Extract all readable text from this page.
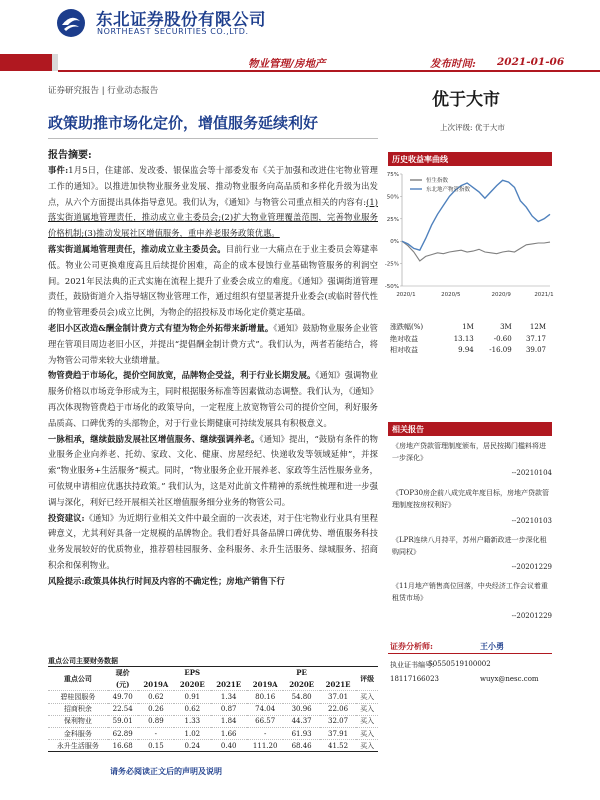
东北证券股份有限公司
NORTHEAST SECURITIES CO.,LTD.
物业管理/房地产	发布时间: 2021-01-06
证券研究报告 | 行业动态报告	优于大市
上次评级: 优于大市
政策助推市场化定价，增值服务延续利好
报告摘要:

事件:1月5日，住建部、发改委、银保监会等十部委发布《关于加强和改进住宅物业管理工作的通知》。以推进加快物业服务业发展、推动物业服务向高品质和多样化升级为出发点，从六个方面提出具体指导意见。我们认为，《通知》与物管公司重点相关的内容有:(1)落实街道属地管理责任，推动成立业主委员会;(2)扩大物业管理覆盖范围，完善物业服务价格机制;(3)推动发展社区增值服务，重申养老服务政策优惠。

落实街道属地管理责任，推动成立业主委员会。目前行业一大痛点在于业主委员会筹建率低。物业公司更换难度高且后续提价困难，高企的成本侵蚀行业基础物管服务的利润空间。2021年民法典的正式实施在流程上提升了业委会成立的难度。《通知》强调街道管理责任，鼓励街道介入指导辖区物业管理工作，通过组织有望显著提升业委会(或临时替代性的物业管理委员会)成立比例，为物企的招投标及市场化定价奠定基础。

老旧小区改造&酬金制计费方式有望为物企外拓带来新增量。《通知》鼓励物业服务企业管理在管项目周边老旧小区，并提出“提倡酬金制计费方式”。我们认为，两者若能结合，将为物管公司带来较大业绩增量。

物管费趋于市场化，提价空间放宽，品牌物企受益，利于行业长期发展。《通知》强调物业服务价格以市场竞争形成为主，同时根据服务标准等因素做动态调整。我们认为，《通知》再次体现物管费趋于市场化的政策导向，一定程度上放宽物管公司的提价空间，利好服务品质高、口碑优秀的头部物企，对于行业长期健康可持续发展具有积极意义。

一脉相承，继续鼓励发展社区增值服务、继续强调养老。《通知》提出，“鼓励有条件的物业服务企业向养老、托幼、家政、文化、健康、房屋经纪、快递收发等领域延伸”，并探索“物业服务+生活服务”模式。同时，“物业服务企业开展养老、家政等生活性服务业务，可依规申请相应优惠扶持政策。” 我们认为，这是对此前文件精神的系统性梳理和进一步强调与深化，利好已经开展相关社区增值服务细分业务的物管公司。

投资建议:《通知》为近期行业相关文件中最全面的一次表述，对于住宅物业行业具有里程碑意义，尤其利好具备一定规模的品牌物企。我们看好具备品牌口碑优势、增值服务科技业务发展较好的优质物业，推荐碧桂园服务、金科服务、永升生活服务、绿城服务、招商积余和保利物业。

风险提示:政策具体执行时间及内容的不确定性；房地产销售下行

重点公司主要财务数据
重点公司	现价	EPS			PE			评级
	(元)	2019A	2020E	2021E	2019A	2020E	2021E	
碧桂园服务	49.70	0.62	0.91	1.34	80.16	54.80	37.01	买入
招商积余	22.54	0.26	0.62	0.87	74.04	30.96	22.06	买入
保利物业	59.01	0.89	1.33	1.84	66.57	44.37	32.07	买入
金科服务	62.89	-	1.02	1.66	-	61.93	37.91	买入
永升生活服务	16.68	0.15	0.24	0.40	111.20	68.46	41.52	买入
请务必阅读正文后的声明及说明
历史收益率曲线
75%
50%
25%
0%
-25%
-50%
2020/1	2020/5	2020/9	2021/1
恒生指数
东北地产物管指数
涨跌幅(%)	1M	3M	12M
绝对收益	13.13	-0.60	37.17
相对收益	9.94	-16.09	39.07
相关报告
《房地产贷款管理制度颁布，居民按揭门槛料将进一步深化》
--20210104
《TOP30房企前八成完成年度目标，房地产贷款管理制度按房权利好》
--20210103
《LPR连续八月持平，苏州户籍新政进一步深化租购同权》
--20201229
《11月地产销售高位回落，中央经济工作会议着重租赁市场》
--20201229
证券分析师:	王小勇
执业证书编号:
S0550519100002
18117166023	wuyx@nesc.com
